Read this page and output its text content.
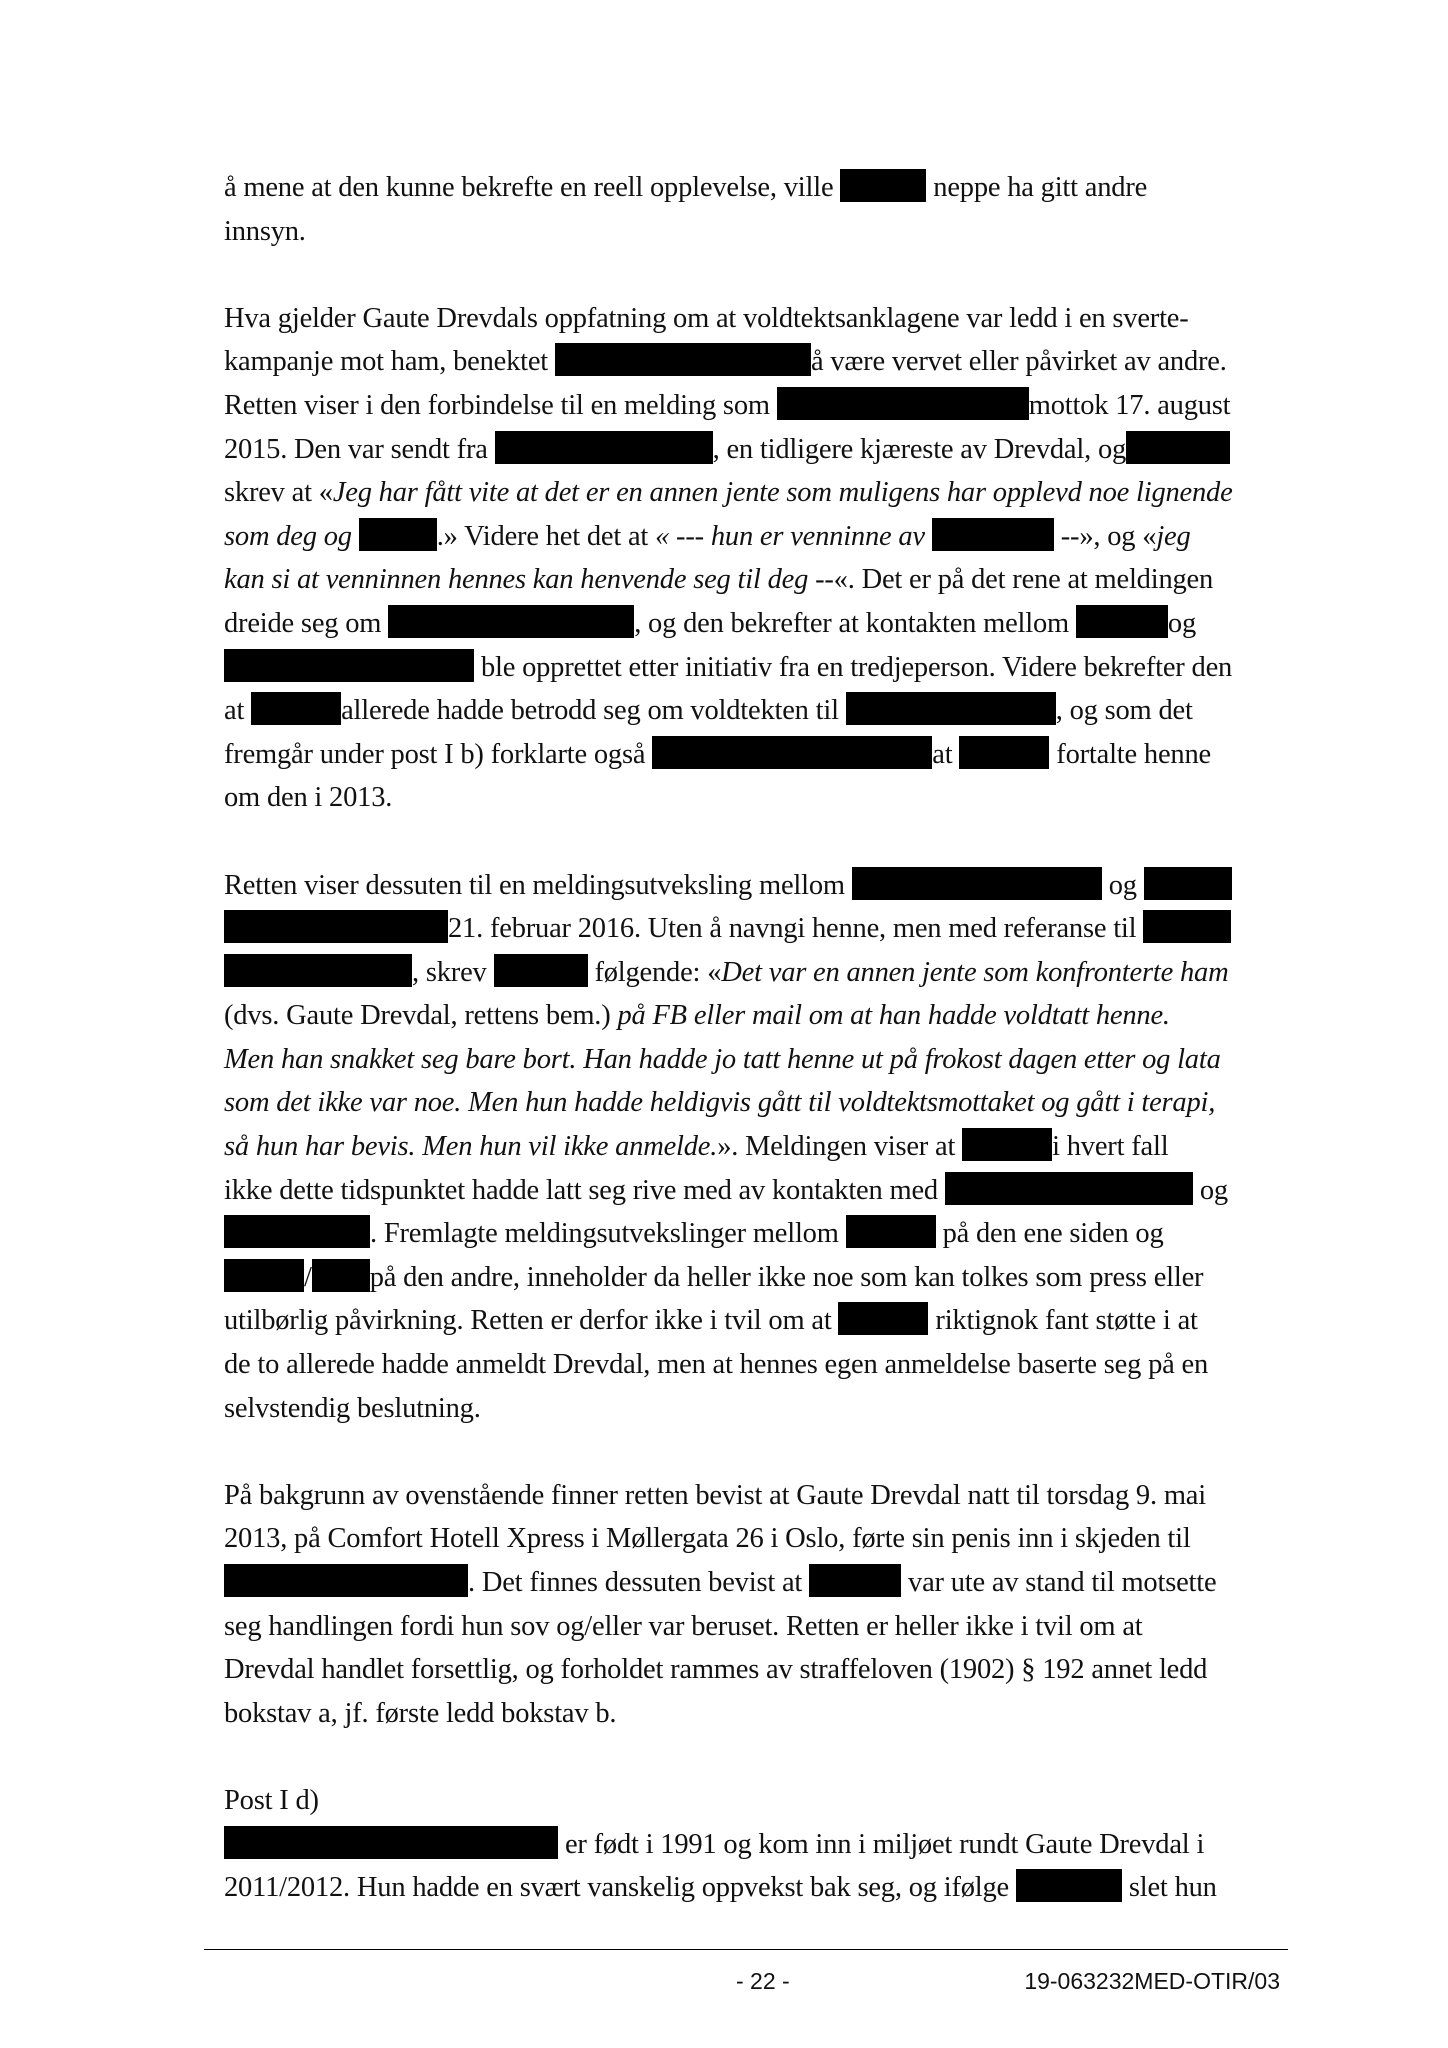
å mene at den kunne bekrefte en reell opplevelse, ville	neppe ha gitt andre
innsyn.
Hva gjelder Gaute Drevdals oppfatning om at voldtektsanklagene var ledd i en sverte-
kampanje mot ham, benektet	å være vervet eller påvirket av andre.
Retten viser i den forbindelse til en melding som	mottok 17. august
2015. Den var sendt fra	, en tidligere kjæreste av Drevdal, og
skrev at «Jeg har fått vite at det er en annen jente som muligens har opplevd noe lignende
som deg og	.» Videre het det at « --- hun er venninne av	--», og «jeg
kan si at venninnen hennes kan henvende seg til deg --«. Det er på det rene at meldingen
dreide seg om	, og den bekrefter at kontakten mellom	og
ble opprettet etter initiativ fra en tredjeperson. Videre bekrefter den
at	allerede hadde betrodd seg om voldtekten til	, og som det
fremgår under post I b) forklarte også	at	fortalte henne
om den i 2013.
Retten viser dessuten til en meldingsutveksling mellom	og
21. februar 2016. Uten å navngi henne, men med referanse til
, skrev	følgende: «Det var en annen jente som konfronterte ham
(dvs. Gaute Drevdal, rettens bem.) på FB eller mail om at han hadde voldtatt henne.
Men han snakket seg bare bort. Han hadde jo tatt henne ut på frokost dagen etter og lata
som det ikke var noe. Men hun hadde heldigvis gått til voldtektsmottaket og gått i terapi,
så hun har bevis. Men hun vil ikke anmelde.». Meldingen viser at	i hvert fall
ikke dette tidspunktet hadde latt seg rive med av kontakten med	og
. Fremlagte meldingsutvekslinger mellom	på den ene siden og
/ på den andre, inneholder da heller ikke noe som kan tolkes som press eller
utilbørlig påvirkning. Retten er derfor ikke i tvil om at	riktignok fant støtte i at
de to allerede hadde anmeldt Drevdal, men at hennes egen anmeldelse baserte seg på en
selvstendig beslutning.
På bakgrunn av ovenstående finner retten bevist at Gaute Drevdal natt til torsdag 9. mai
2013, på Comfort Hotell Xpress i Møllergata 26 i Oslo, førte sin penis inn i skjeden til
. Det finnes dessuten bevist at	var ute av stand til motsette
seg handlingen fordi hun sov og/eller var beruset. Retten er heller ikke i tvil om at
Drevdal handlet forsettlig, og forholdet rammes av straffeloven (1902) § 192 annet ledd
bokstav a, jf. første ledd bokstav b.
Post I d)
er født i 1991 og kom inn i miljøet rundt Gaute Drevdal i
2011/2012. Hun hadde en svært vanskelig oppvekst bak seg, og ifølge	slet hun
- 22 -	19-063232MED-OTIR/03
